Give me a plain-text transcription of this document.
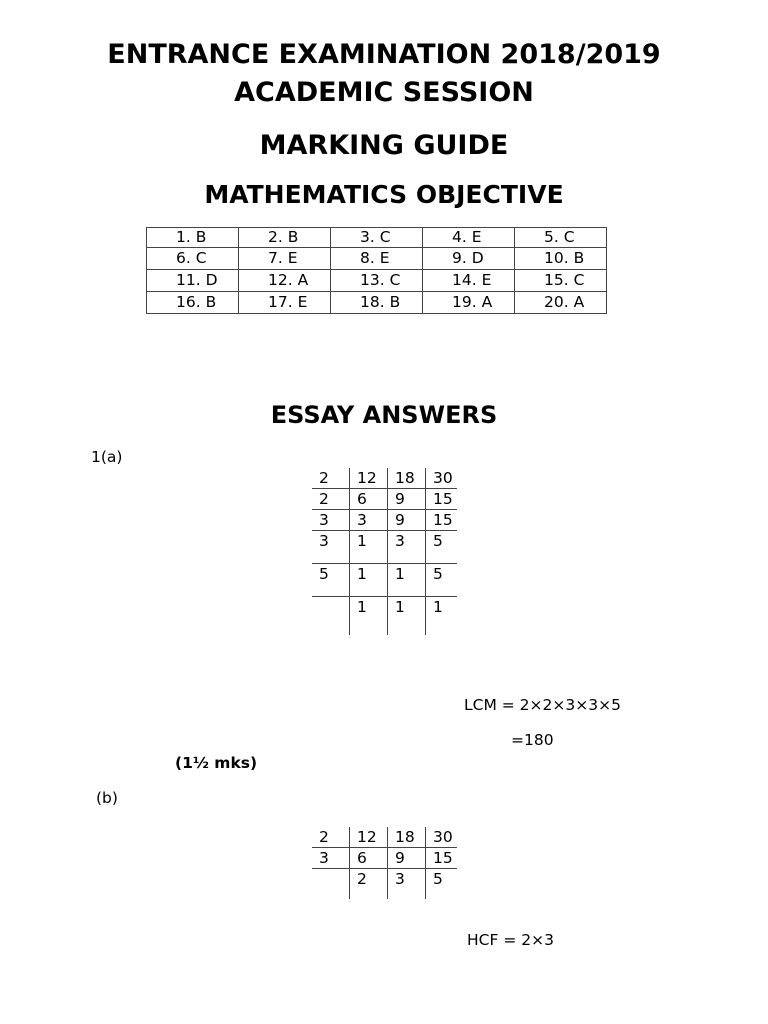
ENTRANCE EXAMINATION 2018/2019
ACADEMIC SESSION
MARKING GUIDE
MATHEMATICS OBJECTIVE
1. B	2. B	3. C	4. E	5. C
6. C	7. E	8. E	9. D	10. B
11. D	12. A	13. C	14. E	15. C
16. B	17. E	18. B	19. A	20. A
ESSAY ANSWERS
1(a)
2	12	18	30
2	6	9	15
3	3	9	15
3	1	3	5
5	1	1	5
	1	1	1
LCM = 2×2×3×3×5
=180
(1½ mks)
(b)
2	12	18	30
3	6	9	15
	2	3	5
HCF = 2×3
